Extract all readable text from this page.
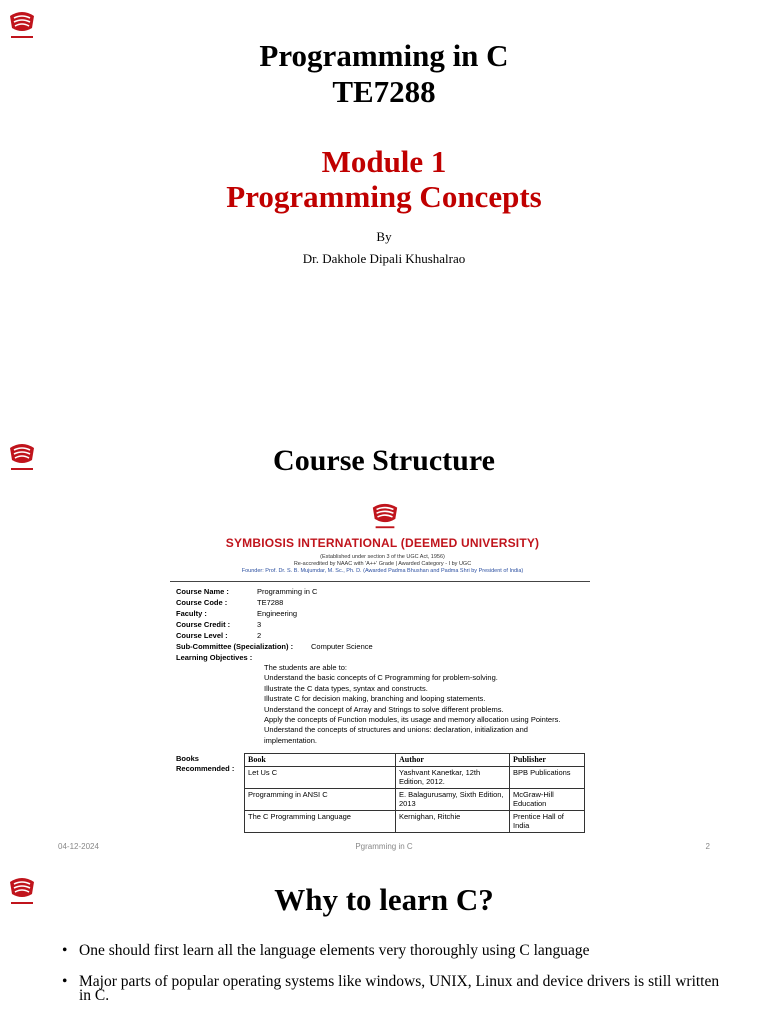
Programming in C
TE7288
Module 1
Programming Concepts
By
Dr. Dakhole Dipali Khushalrao
Course Structure
SYMBIOSIS INTERNATIONAL (DEEMED UNIVERSITY)
(Established under section 3 of the UGC Act, 1956)
Re-accredited by NAAC with 'A++' Grade | Awarded Category - I by UGC
Founder: Prof. Dr. S. B. Mujumdar, M. Sc., Ph. D. (Awarded Padma Bhushan and Padma Shri by President of India)
Course Name :	Programming in C
Course Code :	TE7288
Faculty :	Engineering
Course Credit :	3
Course Level :	2
Sub-Committee (Specialization) : Computer Science
Learning Objectives :
The students are able to:
Understand the basic concepts of C Programming for problem-solving.
Illustrate the C data types, syntax and constructs.
Illustrate C for decision making, branching and looping statements.
Understand the concept of Array and Strings to solve different problems.
Apply the concepts of Function modules, its usage and memory allocation using Pointers.
Understand the concepts of structures and unions: declaration, initialization and implementation.
Books Recommended :
Book	Author	Publisher
Let Us C	Yashvant Kanetkar, 12th Edition, 2012.	BPB Publications
Programming in ANSI C	E. Balagurusamy, Sixth Edition, 2013	McGraw-Hill Education
The C Programming Language	Kernighan, Ritchie	Prentice Hall of India
04-12-2024	Pgramming in C	2
Why to learn C?
• One should first learn all the language elements very thoroughly using C language
• Major parts of popular operating systems like windows, UNIX, Linux and device drivers is still written in C.
